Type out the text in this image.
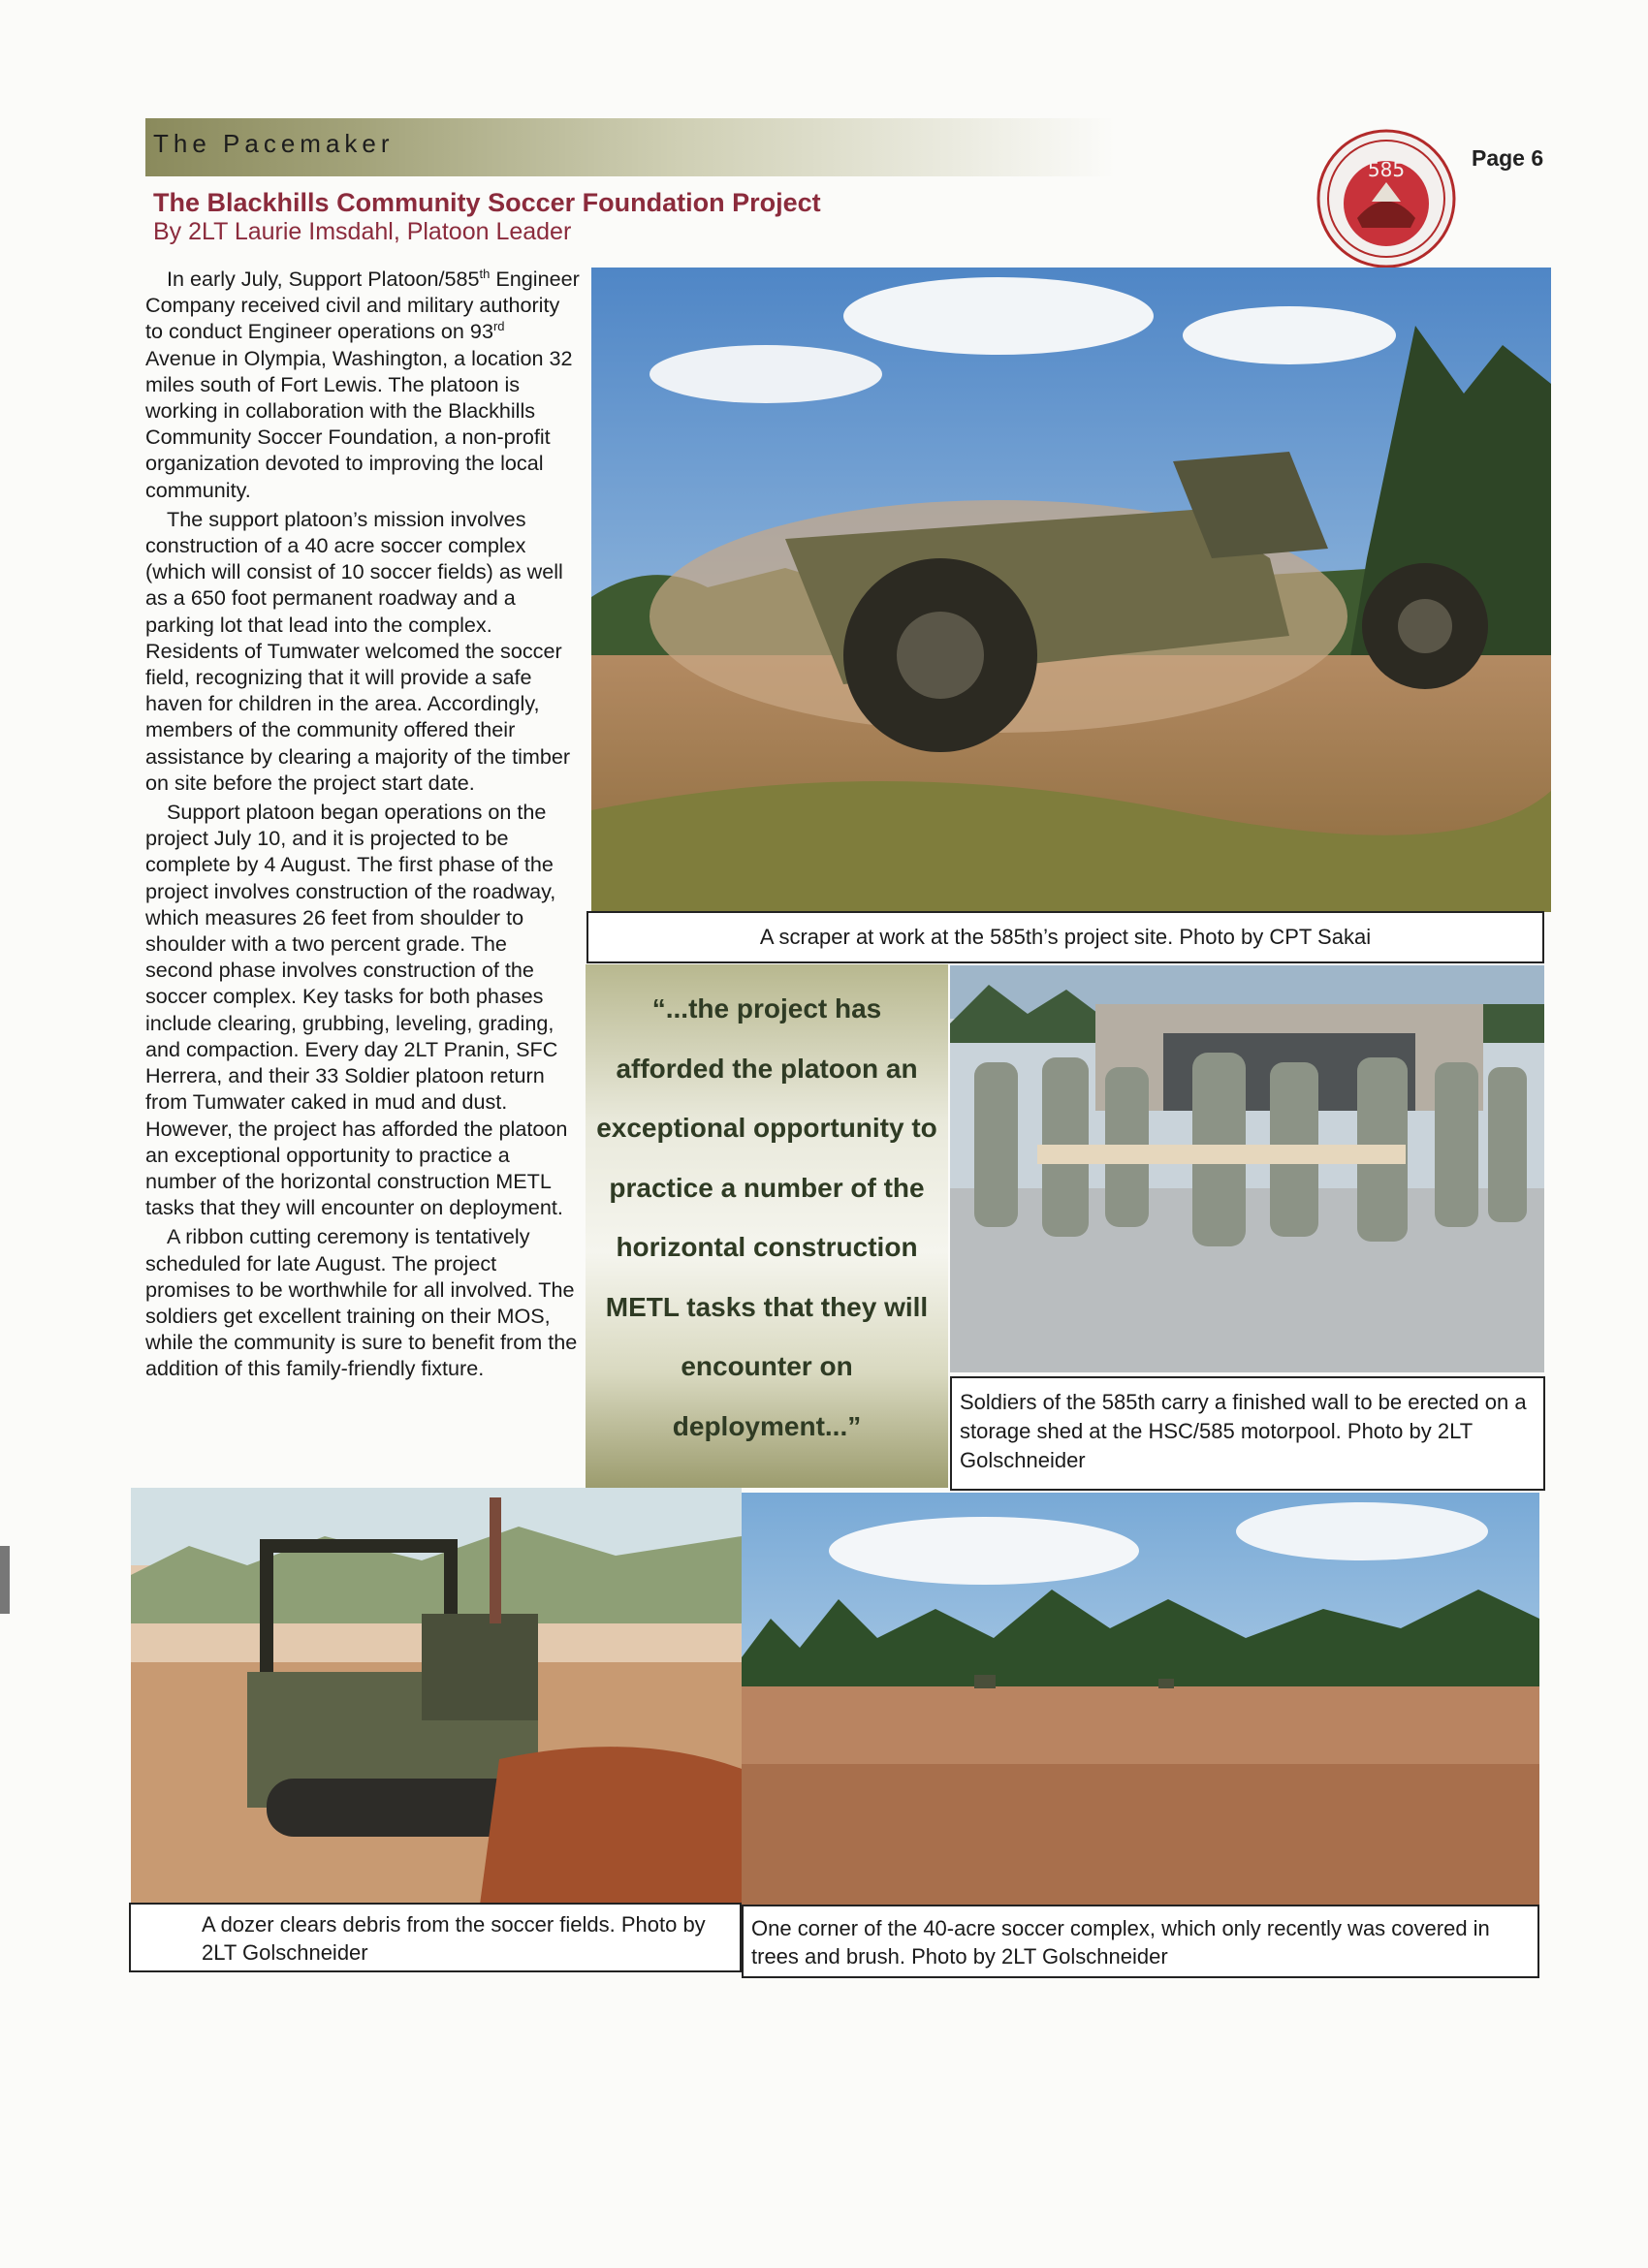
The Pacemaker	Page 6
585
The Blackhills Community Soccer Foundation Project
By 2LT Laurie Imsdahl, Platoon Leader

In early July, Support Platoon/585th Engineer Company received civil and military authority to conduct Engineer operations on 93rd Avenue in Olympia, Washington, a location 32 miles south of Fort Lewis. The platoon is working in collaboration with the Blackhills Community Soccer Foundation, a non-profit organization devoted to improving the local community.

The support platoon’s mission involves construction of a 40 acre soccer complex (which will consist of 10 soccer fields) as well as a 650 foot permanent roadway and a parking lot that lead into the complex. Residents of Tumwater welcomed the soccer field, recognizing that it will provide a safe haven for children in the area. Accordingly, members of the community offered their assistance by clearing a majority of the timber on site before the project start date.

Support platoon began operations on the project July 10, and it is projected to be complete by 4 August. The first phase of the project involves construction of the roadway, which measures 26 feet from shoulder to shoulder with a two percent grade. The second phase involves construction of the soccer complex. Key tasks for both phases include clearing, grubbing, leveling, grading, and compaction. Every day 2LT Pranin, SFC Herrera, and their 33 Soldier platoon return from Tumwater caked in mud and dust. However, the project has afforded the platoon an exceptional opportunity to practice a number of the horizontal construction METL tasks that they will encounter on deployment.

A ribbon cutting ceremony is tentatively scheduled for late August. The project promises to be worthwhile for all involved. The soldiers get excellent training on their MOS, while the community is sure to benefit from the addition of this family-friendly fixture.

A scraper at work at the 585th’s project site. Photo by CPT Sakai
“...the project has afforded the platoon an exceptional opportunity to practice a number of the horizontal construction METL tasks that they will encounter on deployment...”
Soldiers of the 585th carry a finished wall to be erected on a storage shed at the HSC/585 motorpool. Photo by 2LT Golschneider
A dozer clears debris from the soccer fields. Photo by 2LT Golschneider
One corner of the 40-acre soccer complex, which only recently was covered in trees and brush. Photo by 2LT Golschneider
